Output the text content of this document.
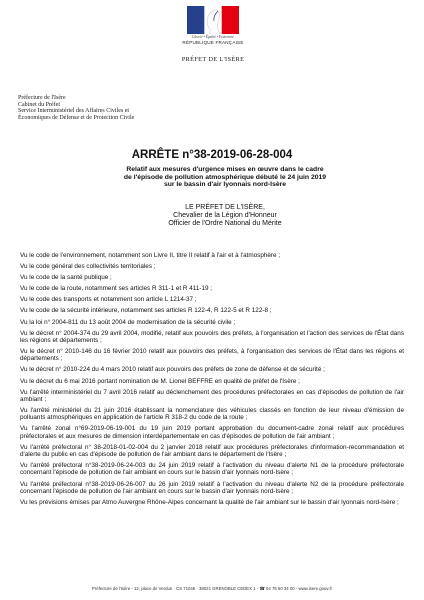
Liberté • Égalité • Fraternité
RÉPUBLIQUE FRANÇAISE
PRÉFET DE L'ISÈRE
Préfecture de l'Isère
Cabinet du Préfet
Service Interministériel des Affaires Civiles et
Économiques de Défense et de Protection Civile
ARRÊTE n°38-2019-06-28-004
Relatif aux mesures d'urgence mises en œuvre dans le cadre
de l'épisode de pollution atmosphérique débuté le 24 juin 2019
sur le bassin d'air lyonnais nord-Isère
LE PRÉFET DE L'ISÈRE,
Chevalier de la Légion d'Honneur
Officier de l'Ordre National du Mérite
Vu le code de l'environnement, notamment son Livre II, titre II relatif à l'air et à l'atmosphère ;
Vu le code général des collectivités territoriales ;
Vu le code de la santé publique ;
Vu le code de la route, notamment ses articles R 311-1 et R 411-19 ;
Vu le code des transports et notamment son article L 1214-37 ;
Vu le code de la sécurité intérieure, notamment ses articles R 122-4, R 122-5 et R 122-8 ;
Vu la loi n° 2004-811 du 13 août 2004 de modernisation de la sécurité civile ;
Vu le décret n° 2004-374 du 29 avril 2004, modifié, relatif aux pouvoirs des préfets, à l'organisation et l'action des services de l'État dans les régions et départements ;
Vu le décret n° 2010-146 du 16 février 2010 relatif aux pouvoirs des préfets, à l'organisation des services de l'État dans les régions et départements ;
Vu le décret n° 2010-224 du 4 mars 2010 relatif aux pouvoirs des préfets de zone de défense et de sécurité ;
Vu le décret du 6 mai 2016 portant nomination de M. Lionel BEFFRE en qualité de préfet de l'Isère ;
Vu l'arrêté interministériel du 7 avril 2016 relatif au déclenchement des procédures préfectorales en cas d'épisodes de pollution de l'air ambiant ;
Vu l'arrêté ministériel du 21 juin 2016 établissant la nomenclature des véhicules classés en fonction de leur niveau d'émission de polluants atmosphériques en application de l'article R 318-2 du code de la route ;
Vu l'arrêté zonal n°69-2019-06-19-001 du 19 juin 2019 portant approbation du document-cadre zonal relatif aux procédures préfectorales et aux mesures de dimension interdépartementale en cas d'épisodes de pollution de l'air ambiant ;
Vu l'arrêté préfectoral n° 38-2018-01-02-004 du 2 janvier 2018 relatif aux procédures préfectorales d'information-recommandation et d'alerte du public en cas d'épisode de pollution de l'air ambiant dans le département de l'Isère ;
Vu l'arrêté préfectoral n°38-2019-06-24-003 du 24 juin 2019 relatif à l'activation du niveau d'alerte N1 de la procédure préfectorale concernant l'épisode de pollution de l'air ambiant en cours sur le bassin d'air lyonnais nord-Isère ;
Vu l'arrêté préfectoral n°38-2019-06-26-007 du 26 juin 2019 relatif à l'activation du niveau d'alerte N2 de la procédure préfectorale concernant l'épisode de pollution de l'air ambiant en cours sur le bassin d'air lyonnais nord-Isère ;
Vu les prévisions émises par Atmo Auvergne Rhône-Alpes concernant la qualité de l'air ambiant sur le bassin d'air lyonnais nord-Isère ;
Préfecture de l'Isère - 12, place de Verdun · CS 71046 - 38021 GRENOBLE CEDEX 1 - ☎ 04 76 60 34 00 - www.isere.gouv.fr
